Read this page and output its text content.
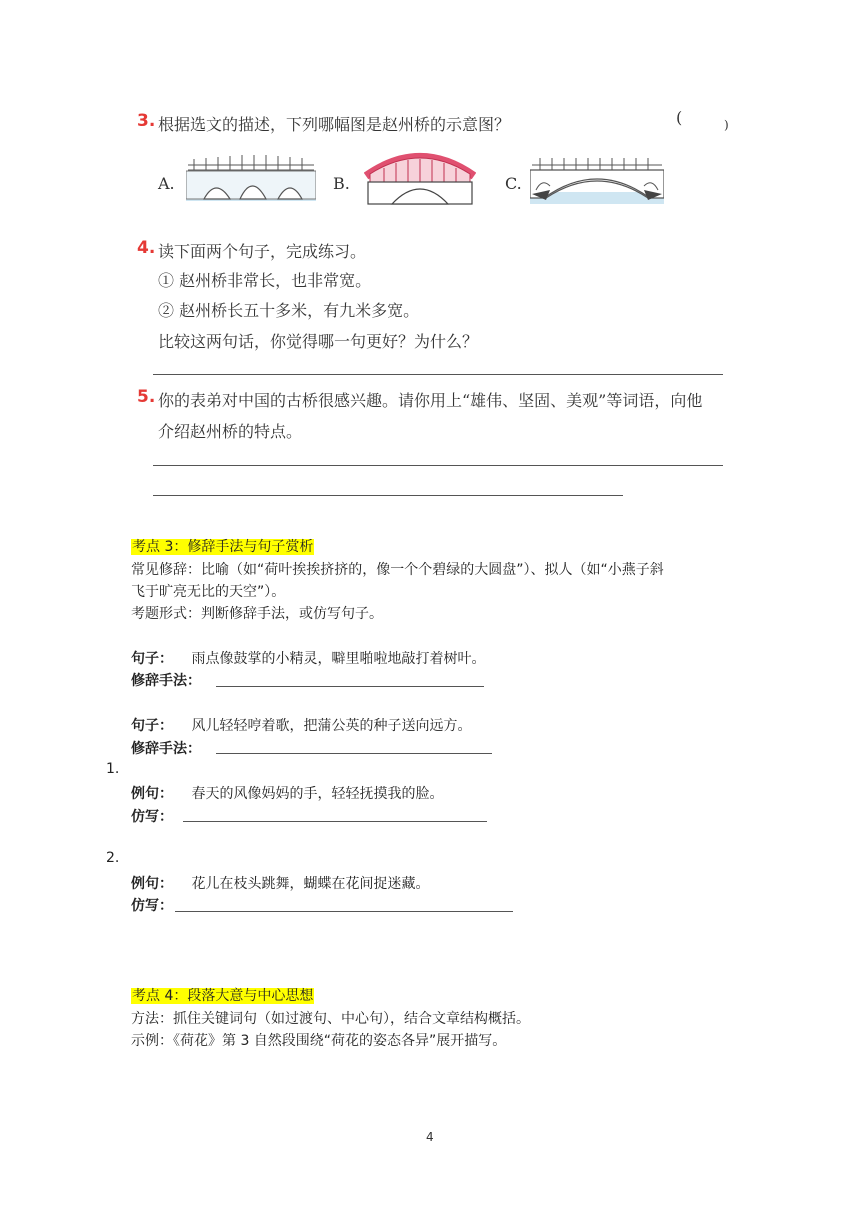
3. 根据选文的描述，下列哪幅图是赵州桥的示意图？	(	)
A.	B.	C.
4. 读下面两个句子，完成练习。
① 赵州桥非常长，也非常宽。
② 赵州桥长五十多米，有九米多宽。
比较这两句话，你觉得哪一句更好？为什么？
5. 你的表弟对中国的古桥很感兴趣。请你用上“雄伟、坚固、美观”等词语，向他
介绍赵州桥的特点。
考点 3：修辞手法与句子赏析
常见修辞：比喻（如“荷叶挨挨挤挤的，像一个个碧绿的大圆盘”）、拟人（如“小燕子斜
飞于旷亮无比的天空”）。
考题形式：判断修辞手法，或仿写句子。
句子： 雨点像鼓掌的小精灵，噼里啪啦地敲打着树叶。
修辞手法：
句子： 风儿轻轻哼着歌，把蒲公英的种子送向远方。
修辞手法：
1.
例句： 春天的风像妈妈的手，轻轻抚摸我的脸。
仿写：
2.
例句： 花儿在枝头跳舞，蝴蝶在花间捉迷藏。
仿写：
考点 4：段落大意与中心思想
方法：抓住关键词句（如过渡句、中心句），结合文章结构概括。
示例：《荷花》第 3 自然段围绕“荷花的姿态各异”展开描写。
4
